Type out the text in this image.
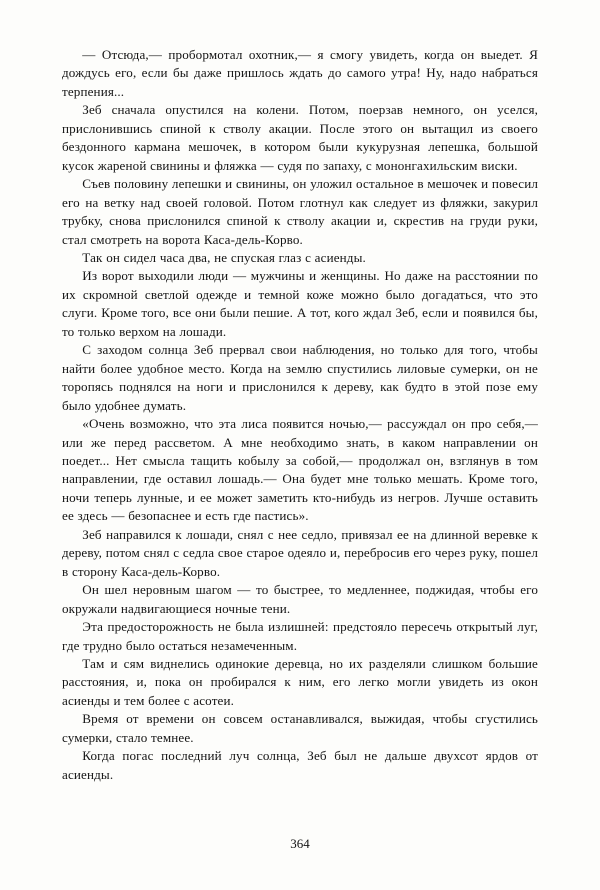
— Отсюда,— пробормотал охотник,— я смогу увидеть, когда он выедет. Я дождусь его, если бы даже пришлось ждать до самого утра! Ну, надо набраться терпения...

Зеб сначала опустился на колени. Потом, поерзав немного, он уселся, прислонившись спиной к стволу акации. После этого он вытащил из своего бездонного кармана мешочек, в котором были кукурузная лепешка, большой кусок жареной свинины и фляжка — судя по запаху, с мононгахильским виски.

Съев половину лепешки и свинины, он уложил остальное в мешочек и повесил его на ветку над своей головой. Потом глотнул как следует из фляжки, закурил трубку, снова прислонился спиной к стволу акации и, скрестив на груди руки, стал смотреть на ворота Каса-дель-Корво.

Так он сидел часа два, не спуская глаз с асиенды.

Из ворот выходили люди — мужчины и женщины. Но даже на расстоянии по их скромной светлой одежде и темной коже можно было догадаться, что это слуги. Кроме того, все они были пешие. А тот, кого ждал Зеб, если и появился бы, то только верхом на лошади.

С заходом солнца Зеб прервал свои наблюдения, но только для того, чтобы найти более удобное место. Когда на землю спустились лиловые сумерки, он не торопясь поднялся на ноги и прислонился к дереву, как будто в этой позе ему было удобнее думать.

«Очень возможно, что эта лиса появится ночью,— рассуждал он про себя,— или же перед рассветом. А мне необходимо знать, в каком направлении он поедет... Нет смысла тащить кобылу за собой,— продолжал он, взглянув в том направлении, где оставил лошадь.— Она будет мне только мешать. Кроме того, ночи теперь лунные, и ее может заметить кто-нибудь из негров. Лучше оставить ее здесь — безопаснее и есть где пастись».

Зеб направился к лошади, снял с нее седло, привязал ее на длинной веревке к дереву, потом снял с седла свое старое одеяло и, перебросив его через руку, пошел в сторону Каса-дель-Корво.

Он шел неровным шагом — то быстрее, то медленнее, поджидая, чтобы его окружали надвигающиеся ночные тени.

Эта предосторожность не была излишней: предстояло пересечь открытый луг, где трудно было остаться незамеченным.

Там и сям виднелись одинокие деревца, но их разделяли слишком большие расстояния, и, пока он пробирался к ним, его легко могли увидеть из окон асиенды и тем более с асотеи.

Время от времени он совсем останавливался, выжидая, чтобы сгустились сумерки, стало темнее.

Когда погас последний луч солнца, Зеб был не дальше двухсот ярдов от асиенды.

364
